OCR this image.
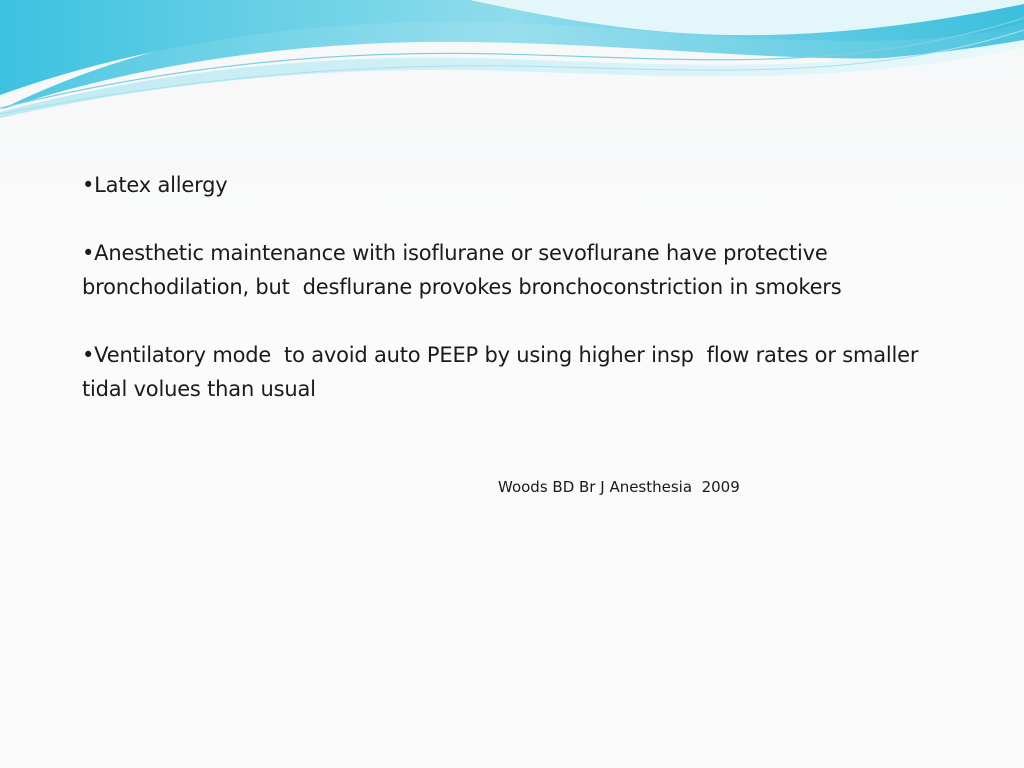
•Latex allergy

•Anesthetic maintenance with isoflurane or sevoflurane have protective bronchodilation, but  desflurane provokes bronchoconstriction in smokers

•Ventilatory mode  to avoid auto PEEP by using higher insp  flow rates or smaller tidal volues than usual

Woods BD Br J Anesthesia  2009
